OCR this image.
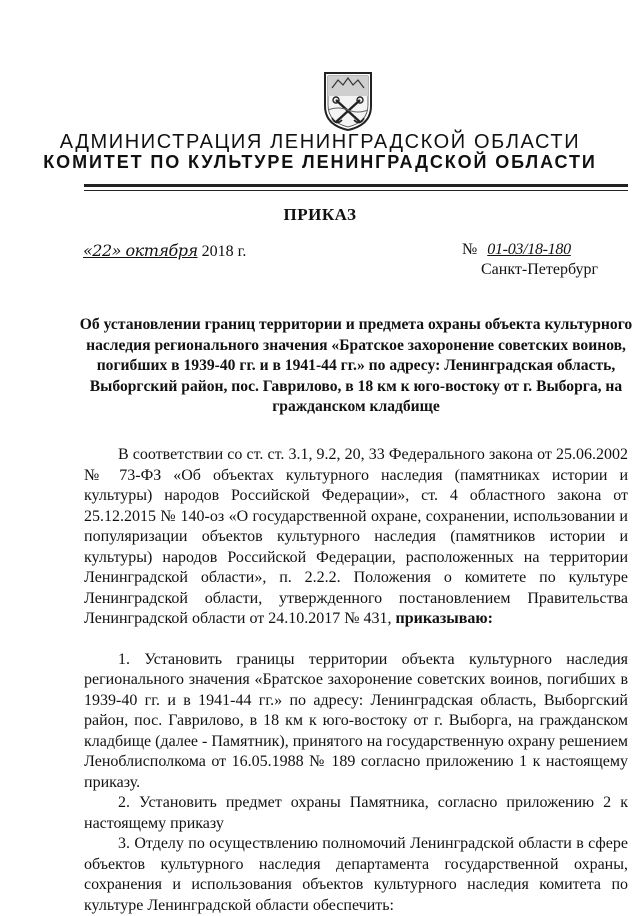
АДМИНИСТРАЦИЯ ЛЕНИНГРАДСКОЙ ОБЛАСТИ
КОМИТЕТ ПО КУЛЬТУРЕ ЛЕНИНГРАДСКОЙ ОБЛАСТИ
ПРИКАЗ
«22» октября 2018 г.	№ 01-03/18-180
Санкт-Петербург
Об установлении границ территории и предмета охраны объекта культурного наследия регионального значения «Братское захоронение советских воинов, погибших в 1939-40 гг. и в 1941-44 гг.» по адресу: Ленинградская область, Выборгский район, пос. Гаврилово, в 18 км к юго-востоку от г. Выборга, на гражданском кладбище

В соответствии со ст. ст. 3.1, 9.2, 20, 33 Федерального закона от 25.06.2002 № 73-ФЗ «Об объектах культурного наследия (памятниках истории и культуры) народов Российской Федерации», ст. 4 областного закона от 25.12.2015 № 140-оз «О государственной охране, сохранении, использовании и популяризации объектов культурного наследия (памятников истории и культуры) народов Российской Федерации, расположенных на территории Ленинградской области», п. 2.2.2. Положения о комитете по культуре Ленинградской области, утвержденного постановлением Правительства Ленинградской области от 24.10.2017 № 431, приказываю:

1. Установить границы территории объекта культурного наследия регионального значения «Братское захоронение советских воинов, погибших в 1939-40 гг. и в 1941-44 гг.» по адресу: Ленинградская область, Выборгский район, пос. Гаврилово, в 18 км к юго-востоку от г. Выборга, на гражданском кладбище (далее - Памятник), принятого на государственную охрану решением Леноблисполкома от 16.05.1988 № 189 согласно приложению 1 к настоящему приказу.

2. Установить предмет охраны Памятника, согласно приложению 2 к настоящему приказу

3. Отделу по осуществлению полномочий Ленинградской области в сфере объектов культурного наследия департамента государственной охраны, сохранения и использования объектов культурного наследия комитета по культуре Ленинградской области обеспечить:
